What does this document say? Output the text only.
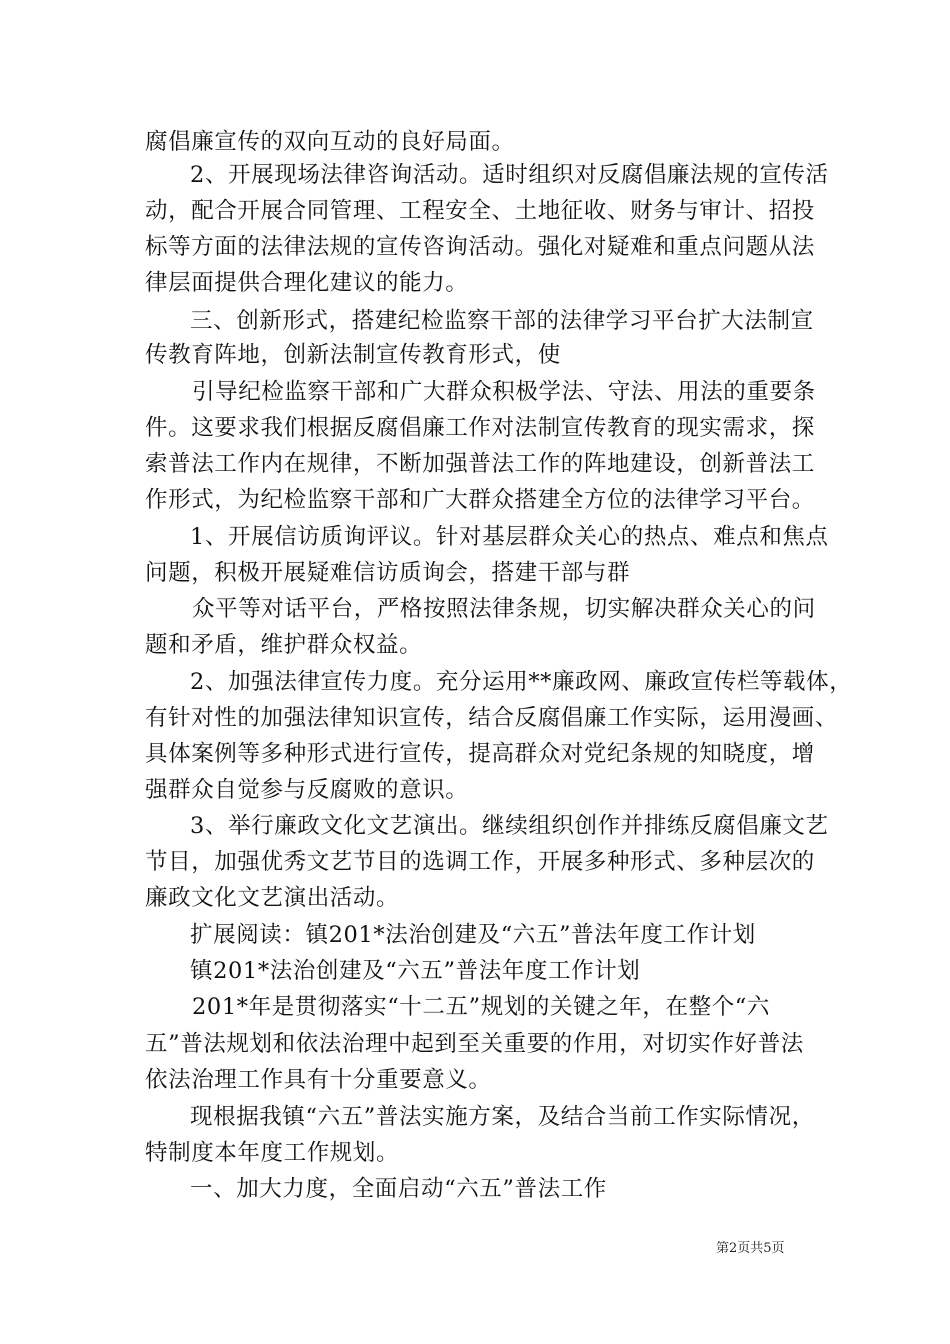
腐倡廉宣传的双向互动的良好局面。
2、开展现场法律咨询活动。适时组织对反腐倡廉法规的宣传活
动，配合开展合同管理、工程安全、土地征收、财务与审计、招投
标等方面的法律法规的宣传咨询活动。强化对疑难和重点问题从法
律层面提供合理化建议的能力。
三、创新形式，搭建纪检监察干部的法律学习平台扩大法制宣
传教育阵地，创新法制宣传教育形式，使
引导纪检监察干部和广大群众积极学法、守法、用法的重要条
件。这要求我们根据反腐倡廉工作对法制宣传教育的现实需求，探
索普法工作内在规律，不断加强普法工作的阵地建设，创新普法工
作形式，为纪检监察干部和广大群众搭建全方位的法律学习平台。
1、开展信访质询评议。针对基层群众关心的热点、难点和焦点
问题，积极开展疑难信访质询会，搭建干部与群
众平等对话平台，严格按照法律条规，切实解决群众关心的问
题和矛盾，维护群众权益。
2、加强法律宣传力度。充分运用**廉政网、廉政宣传栏等载体，
有针对性的加强法律知识宣传，结合反腐倡廉工作实际，运用漫画、
具体案例等多种形式进行宣传，提高群众对党纪条规的知晓度，增
强群众自觉参与反腐败的意识。
3、举行廉政文化文艺演出。继续组织创作并排练反腐倡廉文艺
节目，加强优秀文艺节目的选调工作，开展多种形式、多种层次的
廉政文化文艺演出活动。
扩展阅读：镇201*法治创建及“六五”普法年度工作计划
镇201*法治创建及“六五”普法年度工作计划
201*年是贯彻落实“十二五”规划的关键之年，在整个“六
五”普法规划和依法治理中起到至关重要的作用，对切实作好普法
依法治理工作具有十分重要意义。
现根据我镇“六五”普法实施方案，及结合当前工作实际情况，
特制度本年度工作规划。
一、加大力度，全面启动“六五”普法工作
第2页共5页
